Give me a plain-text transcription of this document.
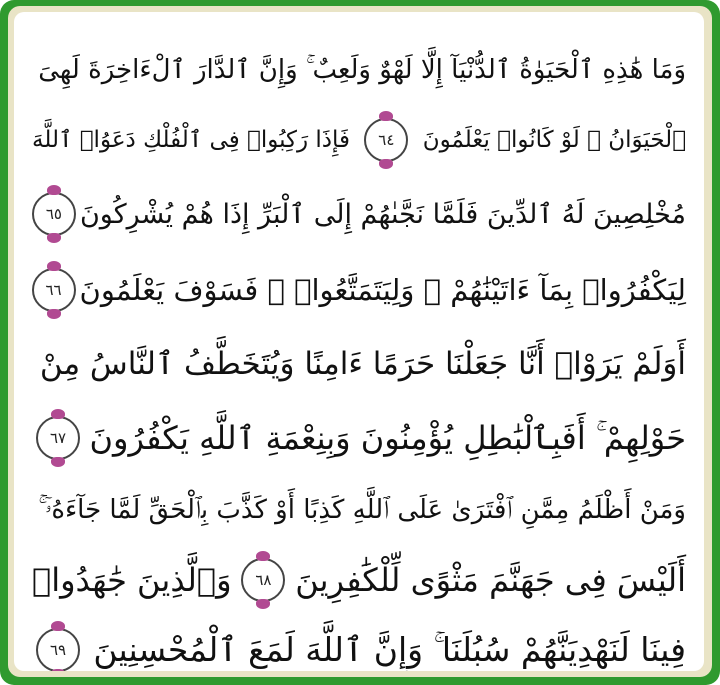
وَمَا هَٰذِهِ ٱلْحَيَوٰةُ ٱلدُّنْيَآ إِلَّا لَهْوٌ وَلَعِبٌ ۚ وَإِنَّ ٱلدَّارَ ٱلْءَاخِرَةَ لَهِىَ
ٱلْحَيَوَانُ ۚ لَوْ كَانُوا۟ يَعْلَمُونَ
٦٤
فَإِذَا رَكِبُوا۟ فِى ٱلْفُلْكِ دَعَوُا۟ ٱللَّهَ
مُخْلِصِينَ لَهُ ٱلدِّينَ فَلَمَّا نَجَّىٰهُمْ إِلَى ٱلْبَرِّ إِذَا هُمْ يُشْرِكُونَ
٦٥
لِيَكْفُرُوا۟ بِمَآ ءَاتَيْنَٰهُمْ ۙ وَلِيَتَمَتَّعُوا۟ ۖ فَسَوْفَ يَعْلَمُونَ
٦٦
أَوَلَمْ يَرَوْا۟ أَنَّا جَعَلْنَا حَرَمًا ءَامِنًا وَيُتَخَطَّفُ ٱلنَّاسُ مِنْ
حَوْلِهِمْ ۚ أَفَبِٱلْبَٰطِلِ يُؤْمِنُونَ وَبِنِعْمَةِ ٱللَّهِ يَكْفُرُونَ
٦٧
وَمَنْ أَظْلَمُ مِمَّنِ ٱفْتَرَىٰ عَلَى ٱللَّهِ كَذِبًا أَوْ كَذَّبَ بِٱلْحَقِّ لَمَّا جَآءَهُۥٓ ۚ
أَلَيْسَ فِى جَهَنَّمَ مَثْوًى لِّلْكَٰفِرِينَ
٦٨
وَٱلَّذِينَ جَٰهَدُوا۟
فِينَا لَنَهْدِيَنَّهُمْ سُبُلَنَا ۚ وَإِنَّ ٱللَّهَ لَمَعَ ٱلْمُحْسِنِينَ
٦٩
